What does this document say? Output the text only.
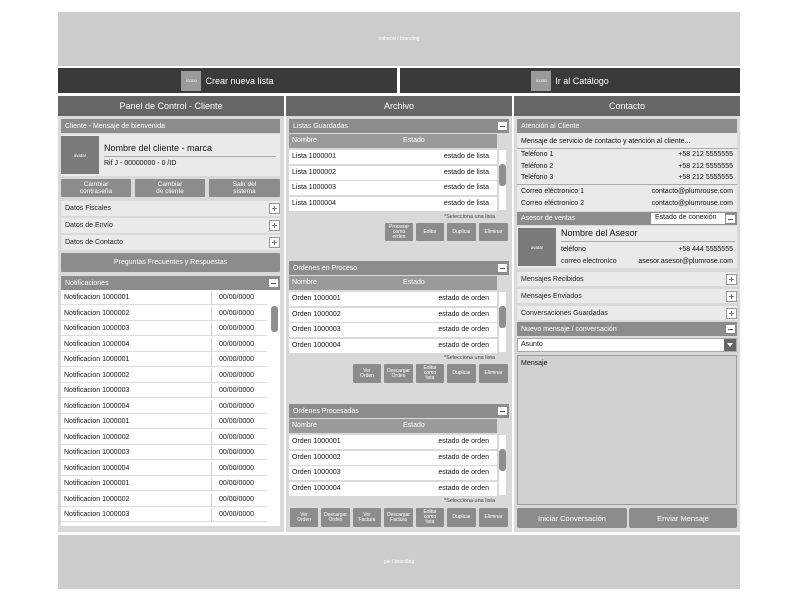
cabezal / branding
pie / branding
icono Crear nueva lista	icono Ir al Catálogo
Panel de Control - Cliente
Cliente - Mensaje de bienvenida
avatar
Nombre del cliente - marca
Rif J - 00000000 - 0 /ID
Cambiar
contraseña
Cambiar
de cliente
Salir del
sistema
Datos Fiscales
Datos de Envío
Datos de Contacto
Preguntas Frecuentes y Respuestas
Notificaciones
Notificacion 1000001	00/00/0000
Notificacion 1000002	00/00/0000
Notificacion 1000003	00/00/0000
Notificacion 1000004	00/00/0000
Notificacion 1000001	00/00/0000
Notificacion 1000002	00/00/0000
Notificacion 1000003	00/00/0000
Notificacion 1000004	00/00/0000
Notificacion 1000001	00/00/0000
Notificacion 1000002	00/00/0000
Notificacion 1000003	00/00/0000
Notificacion 1000004	00/00/0000
Notificacion 1000001	00/00/0000
Notificacion 1000002	00/00/0000
Notificacion 1000003	00/00/0000
Archivo
Listas Guardadas
Nombre	Estado
Lista 1000001	estado de lista
Lista 1000002	estado de lista
Lista 1000003	estado de lista
Lista 1000004	estado de lista
*Selecciona una lista
Procesar
como
orden
Editar	Duplicar	Eliminar
Ordenes en Proceso
Nombre	Estado
Orden 1000001	estado de orden
Orden 1000002	estado de orden
Orden 1000003	estado de orden
Orden 1000004	estado de orden
*Selecciona una lista
Ver
Orden
Descargar
Orden
Editar
como
lista
Duplicar	Eliminar
Ordenes Procesadas
Nombre	Estado
Orden 1000001	estado de orden
Orden 1000002	estado de orden
Orden 1000003	estado de orden
Orden 1000004	estado de orden
*Selecciona una lista
Ver
Orden
Descargar
Orden
Ver
Factura
Descargar
Factura
Editar
como
lista
Duplicar	Eliminar
Contacto
Atención al Cliente
Mensaje de servicio de contacto y atención al cliente...
Teléfono 1	+58 212 5555555
Teléfono 2	+58 212 5555555
Teléfono 3	+58 212 5555555
Correo eléctronico 1	contacto@plumrouse.com
Correo eléctronico 2	contacto@plumrouse.com
Asesor de ventas	Estado de conexión
avatar
Nombre del Asesor
teléfono	+58 444 5555555
correo electronico	asesor.asesor@plumrose.com
Mensajes Recibidos
Mensajes Enviados
Conversaciones Guardadas
Nuevo mensaje / conversación
Asunto
Mensaje
Iniciar Conversación	Enviar Mensaje
